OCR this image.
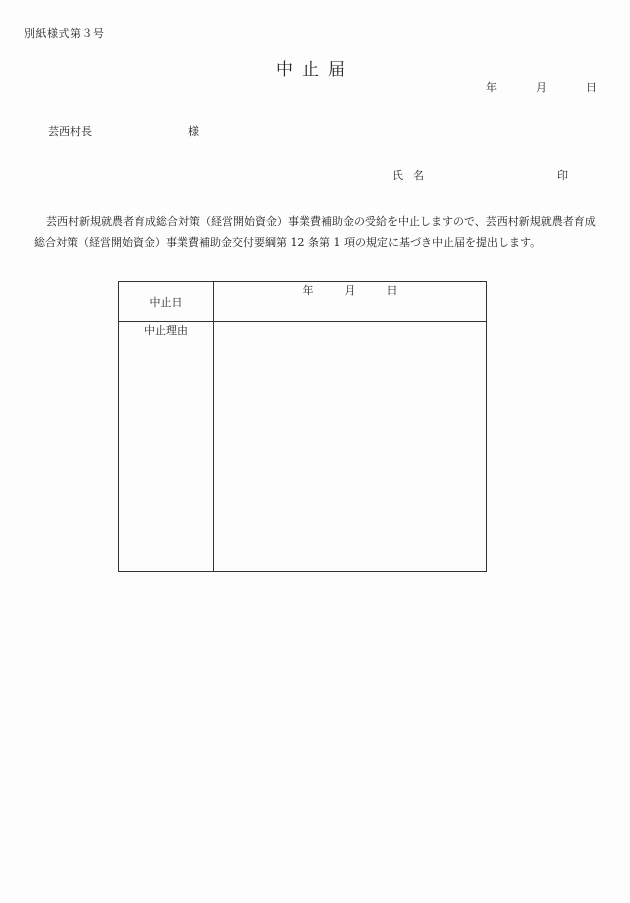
別紙様式第３号
中止届
年	月	日
芸西村長	様
氏名	印
芸西村新規就農者育成総合対策（経営開始資金）事業費補助金の受給を中止しますので、芸西村新規就農者育成総合対策（経営開始資金）事業費補助金交付要綱第 12 条第 1 項の規定に基づき中止届を提出します。
中止日	年 月 日
中止理由	
